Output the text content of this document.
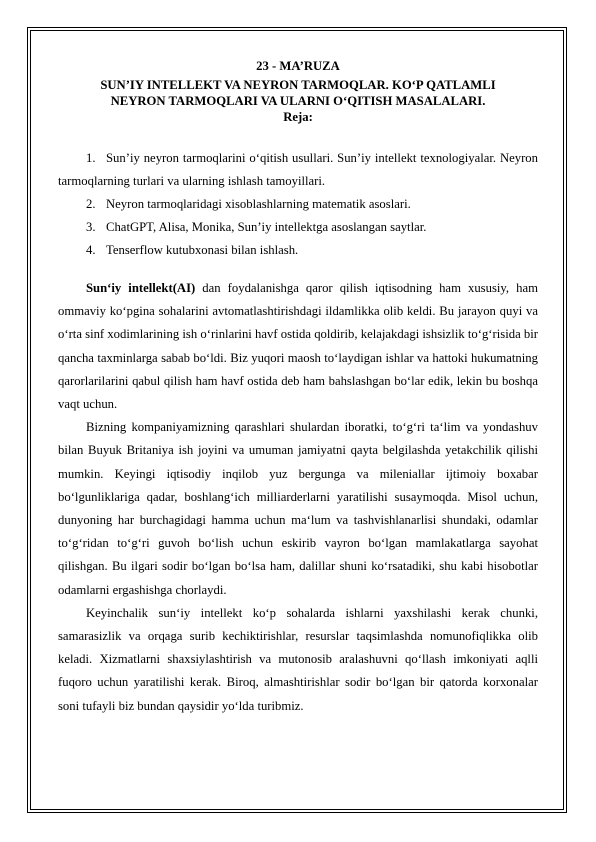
23 - MA’RUZA

SUN’IY INTELLEKT VA NEYRON TARMOQLAR. KO‘P QATLAMLI
NEYRON TARMOQLARI VA ULARNI O‘QITISH MASALALARI.

Reja:

1. Sun’iy neyron tarmoqlarini o‘qitish usullari. Sun’iy intellekt texnologiyalar. Neyron tarmoqlarning turlari va ularning ishlash tamoyillari.
2. Neyron tarmoqlaridagi xisoblashlarning matematik asoslari.
3. ChatGPT, Alisa, Monika, Sun’iy intellektga asoslangan saytlar.
4. Tenserflow kutubxonasi bilan ishlash.

Sun‘iy intellekt(AI) dan foydalanishga qaror qilish iqtisodning ham xususiy, ham ommaviy ko‘pgina sohalarini avtomatlashtirishdagi ildamlikka olib keldi. Bu jarayon quyi va o‘rta sinf xodimlarining ish o‘rinlarini havf ostida qoldirib, kelajakdagi ishsizlik to‘g‘risida bir qancha taxminlarga sabab bo‘ldi. Biz yuqori maosh to‘laydigan ishlar va hattoki hukumatning qarorlarilarini qabul qilish ham havf ostida deb ham bahslashgan bo‘lar edik, lekin bu boshqa vaqt uchun.

Bizning kompaniyamizning qarashlari shulardan iboratki, to‘g‘ri ta‘lim va yondashuv bilan Buyuk Britaniya ish joyini va umuman jamiyatni qayta belgilashda yetakchilik qilishi mumkin. Keyingi iqtisodiy inqilob yuz bergunga va mileniallar ijtimoiy boxabar bo‘lgunliklariga qadar, boshlang‘ich milliarderlarni yaratilishi susaymoqda. Misol uchun, dunyoning har burchagidagi hamma uchun ma‘lum va tashvishlanarlisi shundaki, odamlar to‘g‘ridan to‘g‘ri guvoh bo‘lish uchun eskirib vayron bo‘lgan mamlakatlarga sayohat qilishgan. Bu ilgari sodir bo‘lgan bo‘lsa ham, dalillar shuni ko‘rsatadiki, shu kabi hisobotlar odamlarni ergashishga chorlaydi.

Keyinchalik sun‘iy intellekt ko‘p sohalarda ishlarni yaxshilashi kerak chunki, samarasizlik va orqaga surib kechiktirishlar, resurslar taqsimlashda nomunofiqlikka olib keladi. Xizmatlarni shaxsiylashtirish va mutonosib aralashuvni qo‘llash imkoniyati aqlli fuqoro uchun yaratilishi kerak. Biroq, almashtirishlar sodir bo‘lgan bir qatorda korxonalar soni tufayli biz bundan qaysidir yo‘lda turibmiz.
